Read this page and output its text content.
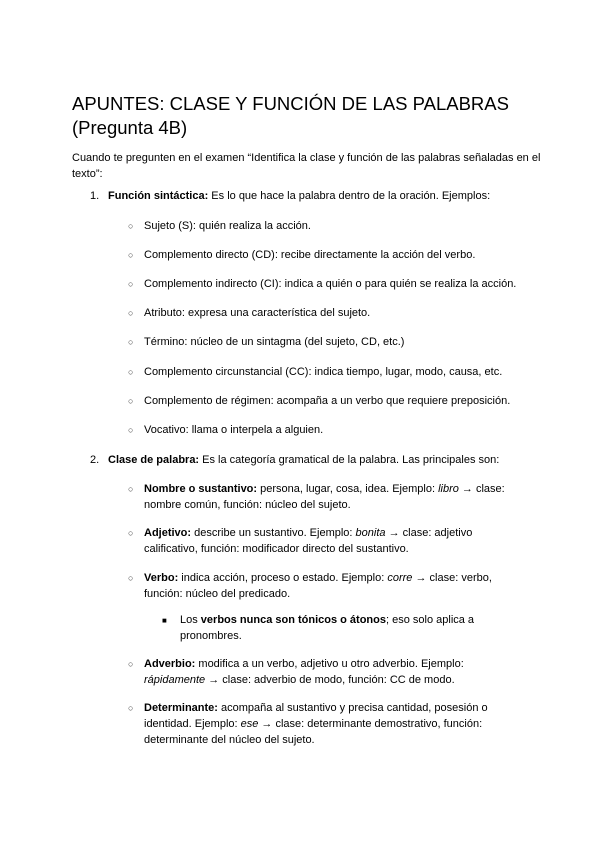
APUNTES: CLASE Y FUNCIÓN DE LAS PALABRAS (Pregunta 4B)

Cuando te pregunten en el examen “Identifica la clase y función de las palabras señaladas en el texto”:

1. Función sintáctica: Es lo que hace la palabra dentro de la oración. Ejemplos:
○ Sujeto (S): quién realiza la acción.
○ Complemento directo (CD): recibe directamente la acción del verbo.
○ Complemento indirecto (CI): indica a quién o para quién se realiza la acción.
○ Atributo: expresa una característica del sujeto.
○ Término: núcleo de un sintagma (del sujeto, CD, etc.)
○ Complemento circunstancial (CC): indica tiempo, lugar, modo, causa, etc.
○ Complemento de régimen: acompaña a un verbo que requiere preposición.
○ Vocativo: llama o interpela a alguien.
2. Clase de palabra: Es la categoría gramatical de la palabra. Las principales son:
○ Nombre o sustantivo: persona, lugar, cosa, idea. Ejemplo: libro → clase: nombre común, función: núcleo del sujeto.
○ Adjetivo: describe un sustantivo. Ejemplo: bonita → clase: adjetivo calificativo, función: modificador directo del sustantivo.
○ Verbo: indica acción, proceso o estado. Ejemplo: corre → clase: verbo, función: núcleo del predicado.
■ Los verbos nunca son tónicos o átonos; eso solo aplica a pronombres.
○ Adverbio: modifica a un verbo, adjetivo u otro adverbio. Ejemplo: rápidamente → clase: adverbio de modo, función: CC de modo.
○ Determinante: acompaña al sustantivo y precisa cantidad, posesión o identidad. Ejemplo: ese → clase: determinante demostrativo, función: determinante del núcleo del sujeto.
